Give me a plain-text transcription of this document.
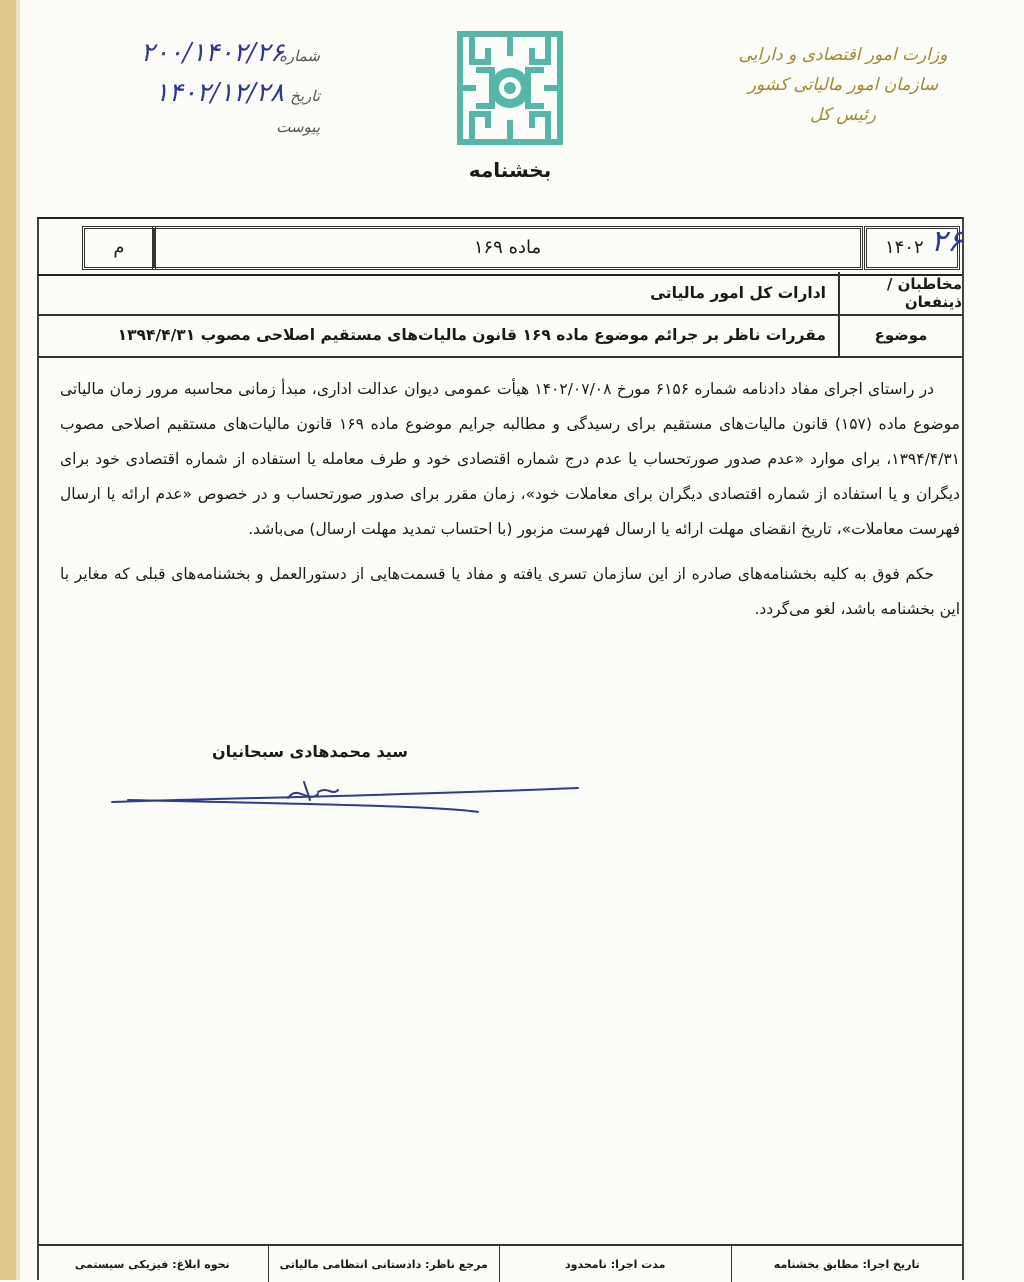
وزارت امور اقتصادی و دارایی
سازمان امور مالیاتی کشور
رئیس کل
بخشنامه
شماره
۲۰۰/۱۴۰۲/۲۶
تاریخ
۱۴۰۲/۱۲/۲۸
پیوست
م	ماده ۱۶۹	۱۴۰۲ ۲۶
مخاطبان / ذینفعان
ادارات کل امور مالیاتی
موضوع
مقررات ناظر بر جرائم موضوع ماده ۱۶۹ قانون مالیات‌های مستقیم اصلاحی مصوب ۱۳۹۴/۴/۳۱

در راستای اجرای مفاد دادنامه شماره ۶۱۵۶ مورخ ۱۴۰۲/۰۷/۰۸ هیأت عمومی دیوان عدالت اداری، مبدأ زمانی محاسبه مرور زمان مالیاتی موضوع ماده (۱۵۷) قانون مالیات‌های مستقیم برای رسیدگی و مطالبه جرایم موضوع ماده ۱۶۹ قانون مالیات‌های مستقیم اصلاحی مصوب ۱۳۹۴/۴/۳۱، برای موارد «عدم صدور صورتحساب یا عدم درج شماره اقتصادی خود و طرف معامله یا استفاده از شماره اقتصادی خود برای دیگران و یا استفاده از شماره اقتصادی دیگران برای معاملات خود»، زمان مقرر برای صدور صورتحساب و در خصوص «عدم ارائه یا ارسال فهرست معاملات»، تاریخ انقضای مهلت ارائه یا ارسال فهرست مزبور (با احتساب تمدید مهلت ارسال) می‌باشد.

حکم فوق به کلیه بخشنامه‌های صادره از این سازمان تسری یافته و مفاد یا قسمت‌هایی از دستورالعمل و بخشنامه‌های قبلی که مغایر با این بخشنامه باشد، لغو می‌گردد.

سید محمدهادی سبحانیان
تاریخ اجرا: مطابق بخشنامه
مدت اجرا: نامحدود
مرجع ناظر: دادستانی انتظامی مالیاتی
نحوه ابلاغ: فیزیکی سیستمی
